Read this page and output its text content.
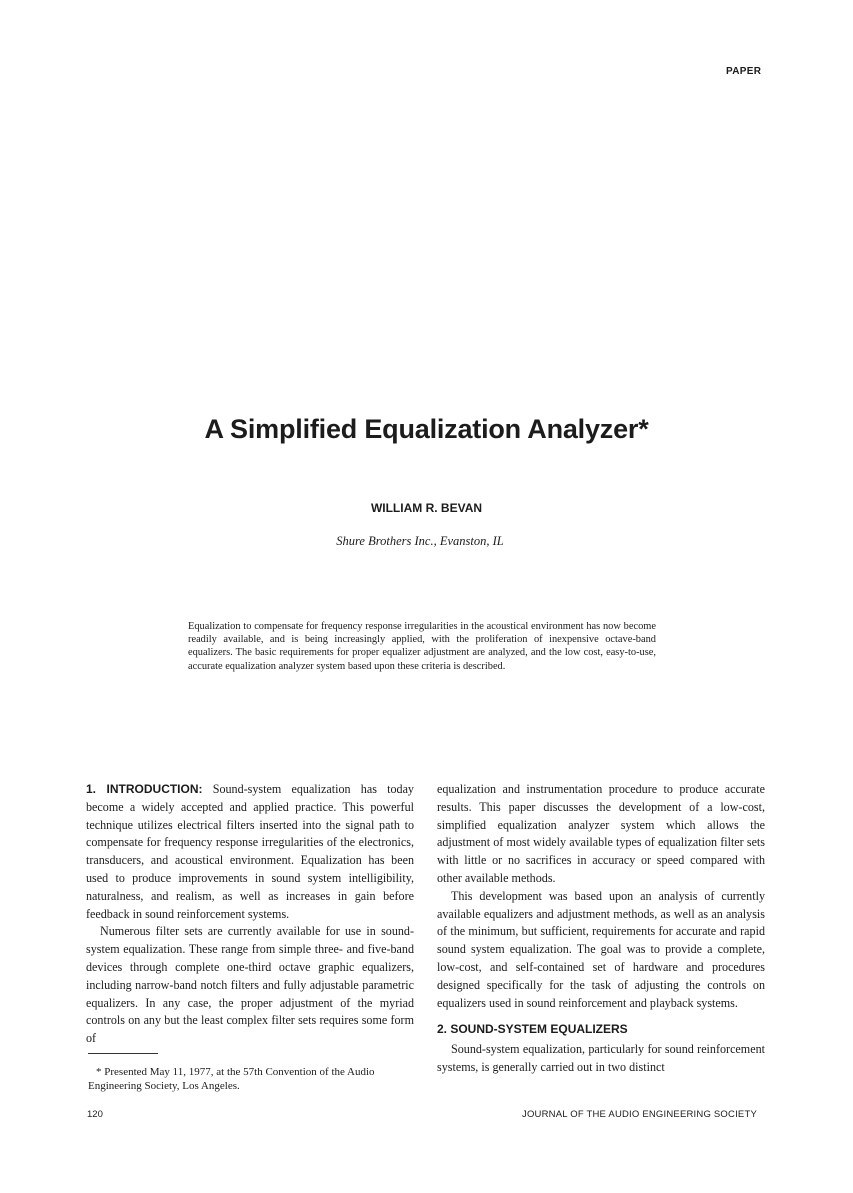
PAPER
A Simplified Equalization Analyzer*
WILLIAM R. BEVAN
Shure Brothers Inc., Evanston, IL
Equalization to compensate for frequency response irregularities in the acoustical environment has now become readily available, and is being increasingly applied, with the proliferation of inexpensive octave-band equalizers. The basic requirements for proper equalizer adjustment are analyzed, and the low cost, easy-to-use, accurate equalization analyzer system based upon these criteria is described.

1. INTRODUCTION: Sound-system equalization has today become a widely accepted and applied practice. This powerful technique utilizes electrical filters inserted into the signal path to compensate for frequency response irregularities of the electronics, transducers, and acoustical environment. Equalization has been used to produce improvements in sound system intelligibility, naturalness, and realism, as well as increases in gain before feedback in sound reinforcement systems.

Numerous filter sets are currently available for use in sound-system equalization. These range from simple three- and five-band devices through complete one-third octave graphic equalizers, including narrow-band notch filters and fully adjustable parametric equalizers. In any case, the proper adjustment of the myriad controls on any but the least complex filter sets requires some form of

equalization and instrumentation procedure to produce accurate results. This paper discusses the development of a low-cost, simplified equalization analyzer system which allows the adjustment of most widely available types of equalization filter sets with little or no sacrifices in accuracy or speed compared with other available methods.

This development was based upon an analysis of currently available equalizers and adjustment methods, as well as an analysis of the minimum, but sufficient, requirements for accurate and rapid sound system equalization. The goal was to provide a complete, low-cost, and self-contained set of hardware and procedures designed specifically for the task of adjusting the controls on equalizers used in sound reinforcement and playback systems.

2. SOUND-SYSTEM EQUALIZERS

Sound-system equalization, particularly for sound reinforcement systems, is generally carried out in two distinct

* Presented May 11, 1977, at the 57th Convention of the Audio Engineering Society, Los Angeles.
120	JOURNAL OF THE AUDIO ENGINEERING SOCIETY
